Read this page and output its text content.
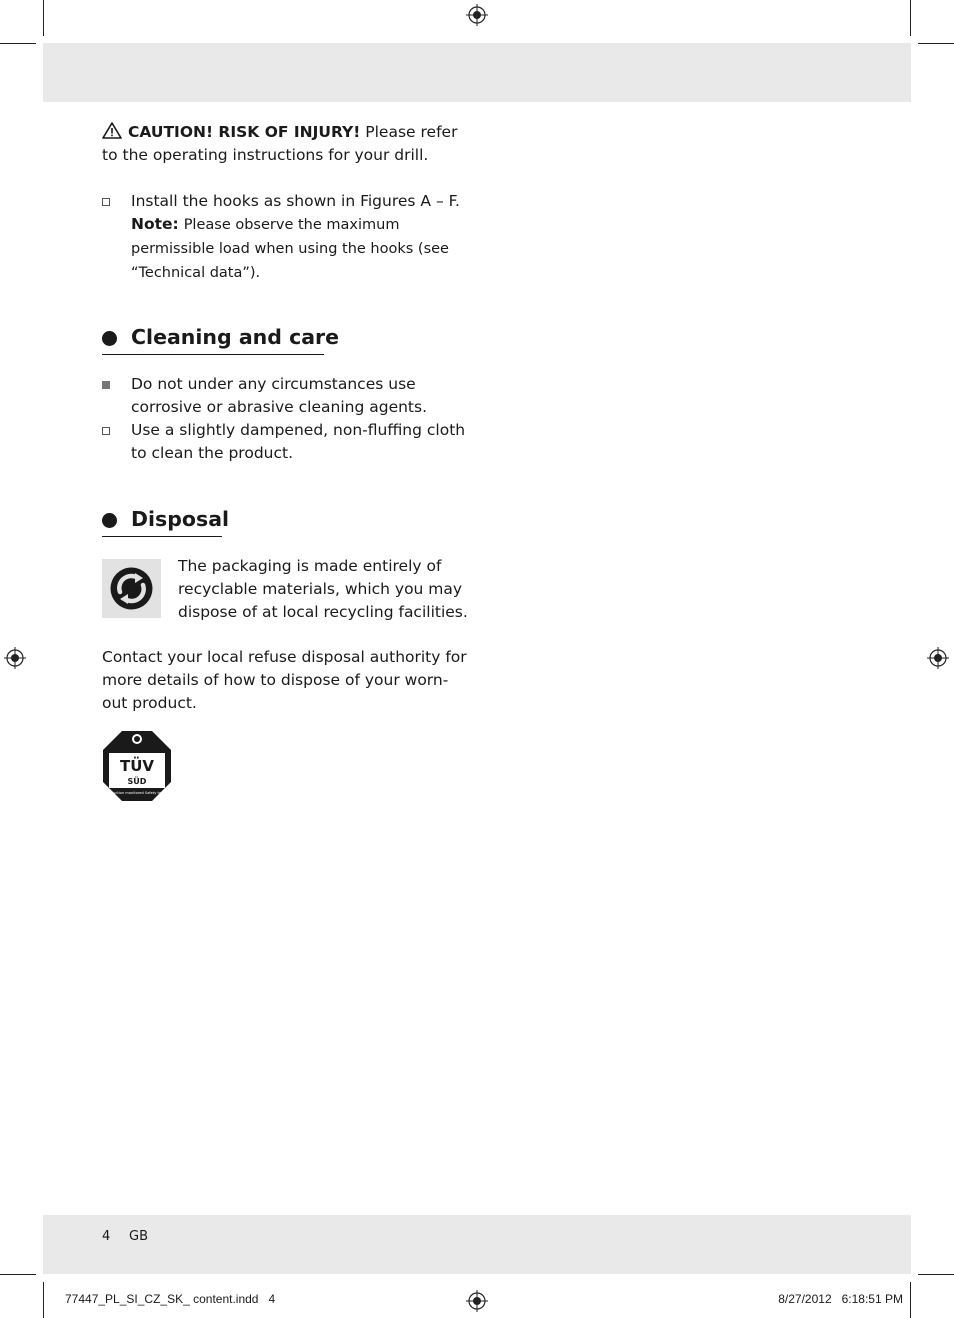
CAUTION! RISK OF INJURY! Please refer to the operating instructions for your drill.
Install the hooks as shown in Figures A – F.
Note: Please observe the maximum permissible load when using the hooks (see “Technical data”).
Cleaning and care
Do not under any circumstances use corrosive or abrasive cleaning agents.
Use a slightly dampened, non-fluffing cloth to clean the product.
Disposal
The packaging is made entirely of recyclable materials, which you may dispose of at local recycling facilities.
Contact your local refuse disposal authority for more details of how to dispose of your worn-out product.
TÜV
SÜD
Production monitored Safety tested
4 GB
77447_PL_SI_CZ_SK_ content.indd   4	8/27/2012   6:18:51 PM
